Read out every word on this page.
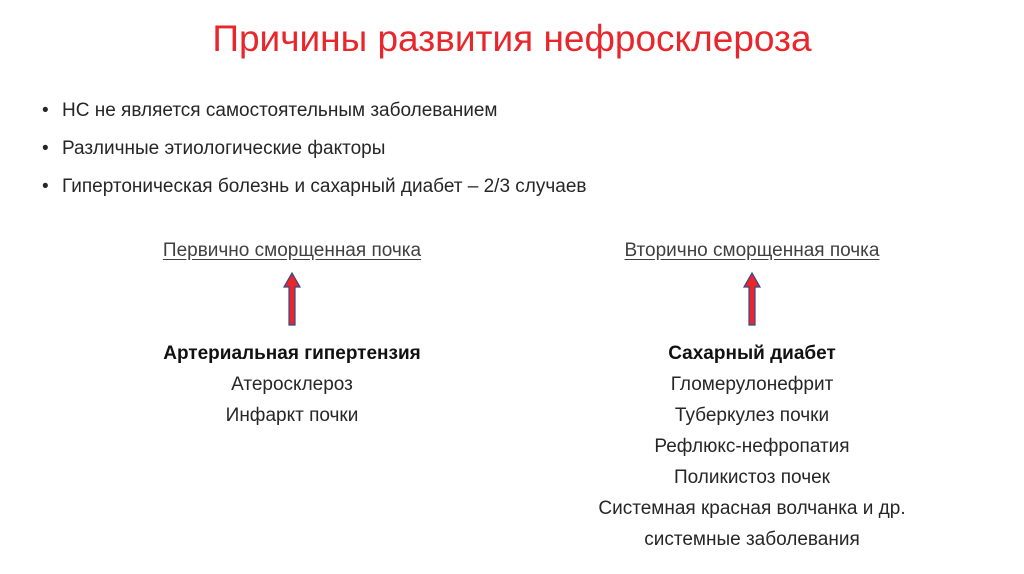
Причины развития нефросклероза
• НС не является самостоятельным заболеванием
• Различные этиологические факторы
• Гипертоническая болезнь и сахарный диабет – 2/3 случаев
Первично сморщенная почка
Артериальная гипертензия
Атеросклероз
Инфаркт почки
Вторично сморщенная почка
Сахарный диабет
Гломерулонефрит
Туберкулез почки
Рефлюкс-нефропатия
Поликистоз почек
Системная красная волчанка и др.
системные заболевания
